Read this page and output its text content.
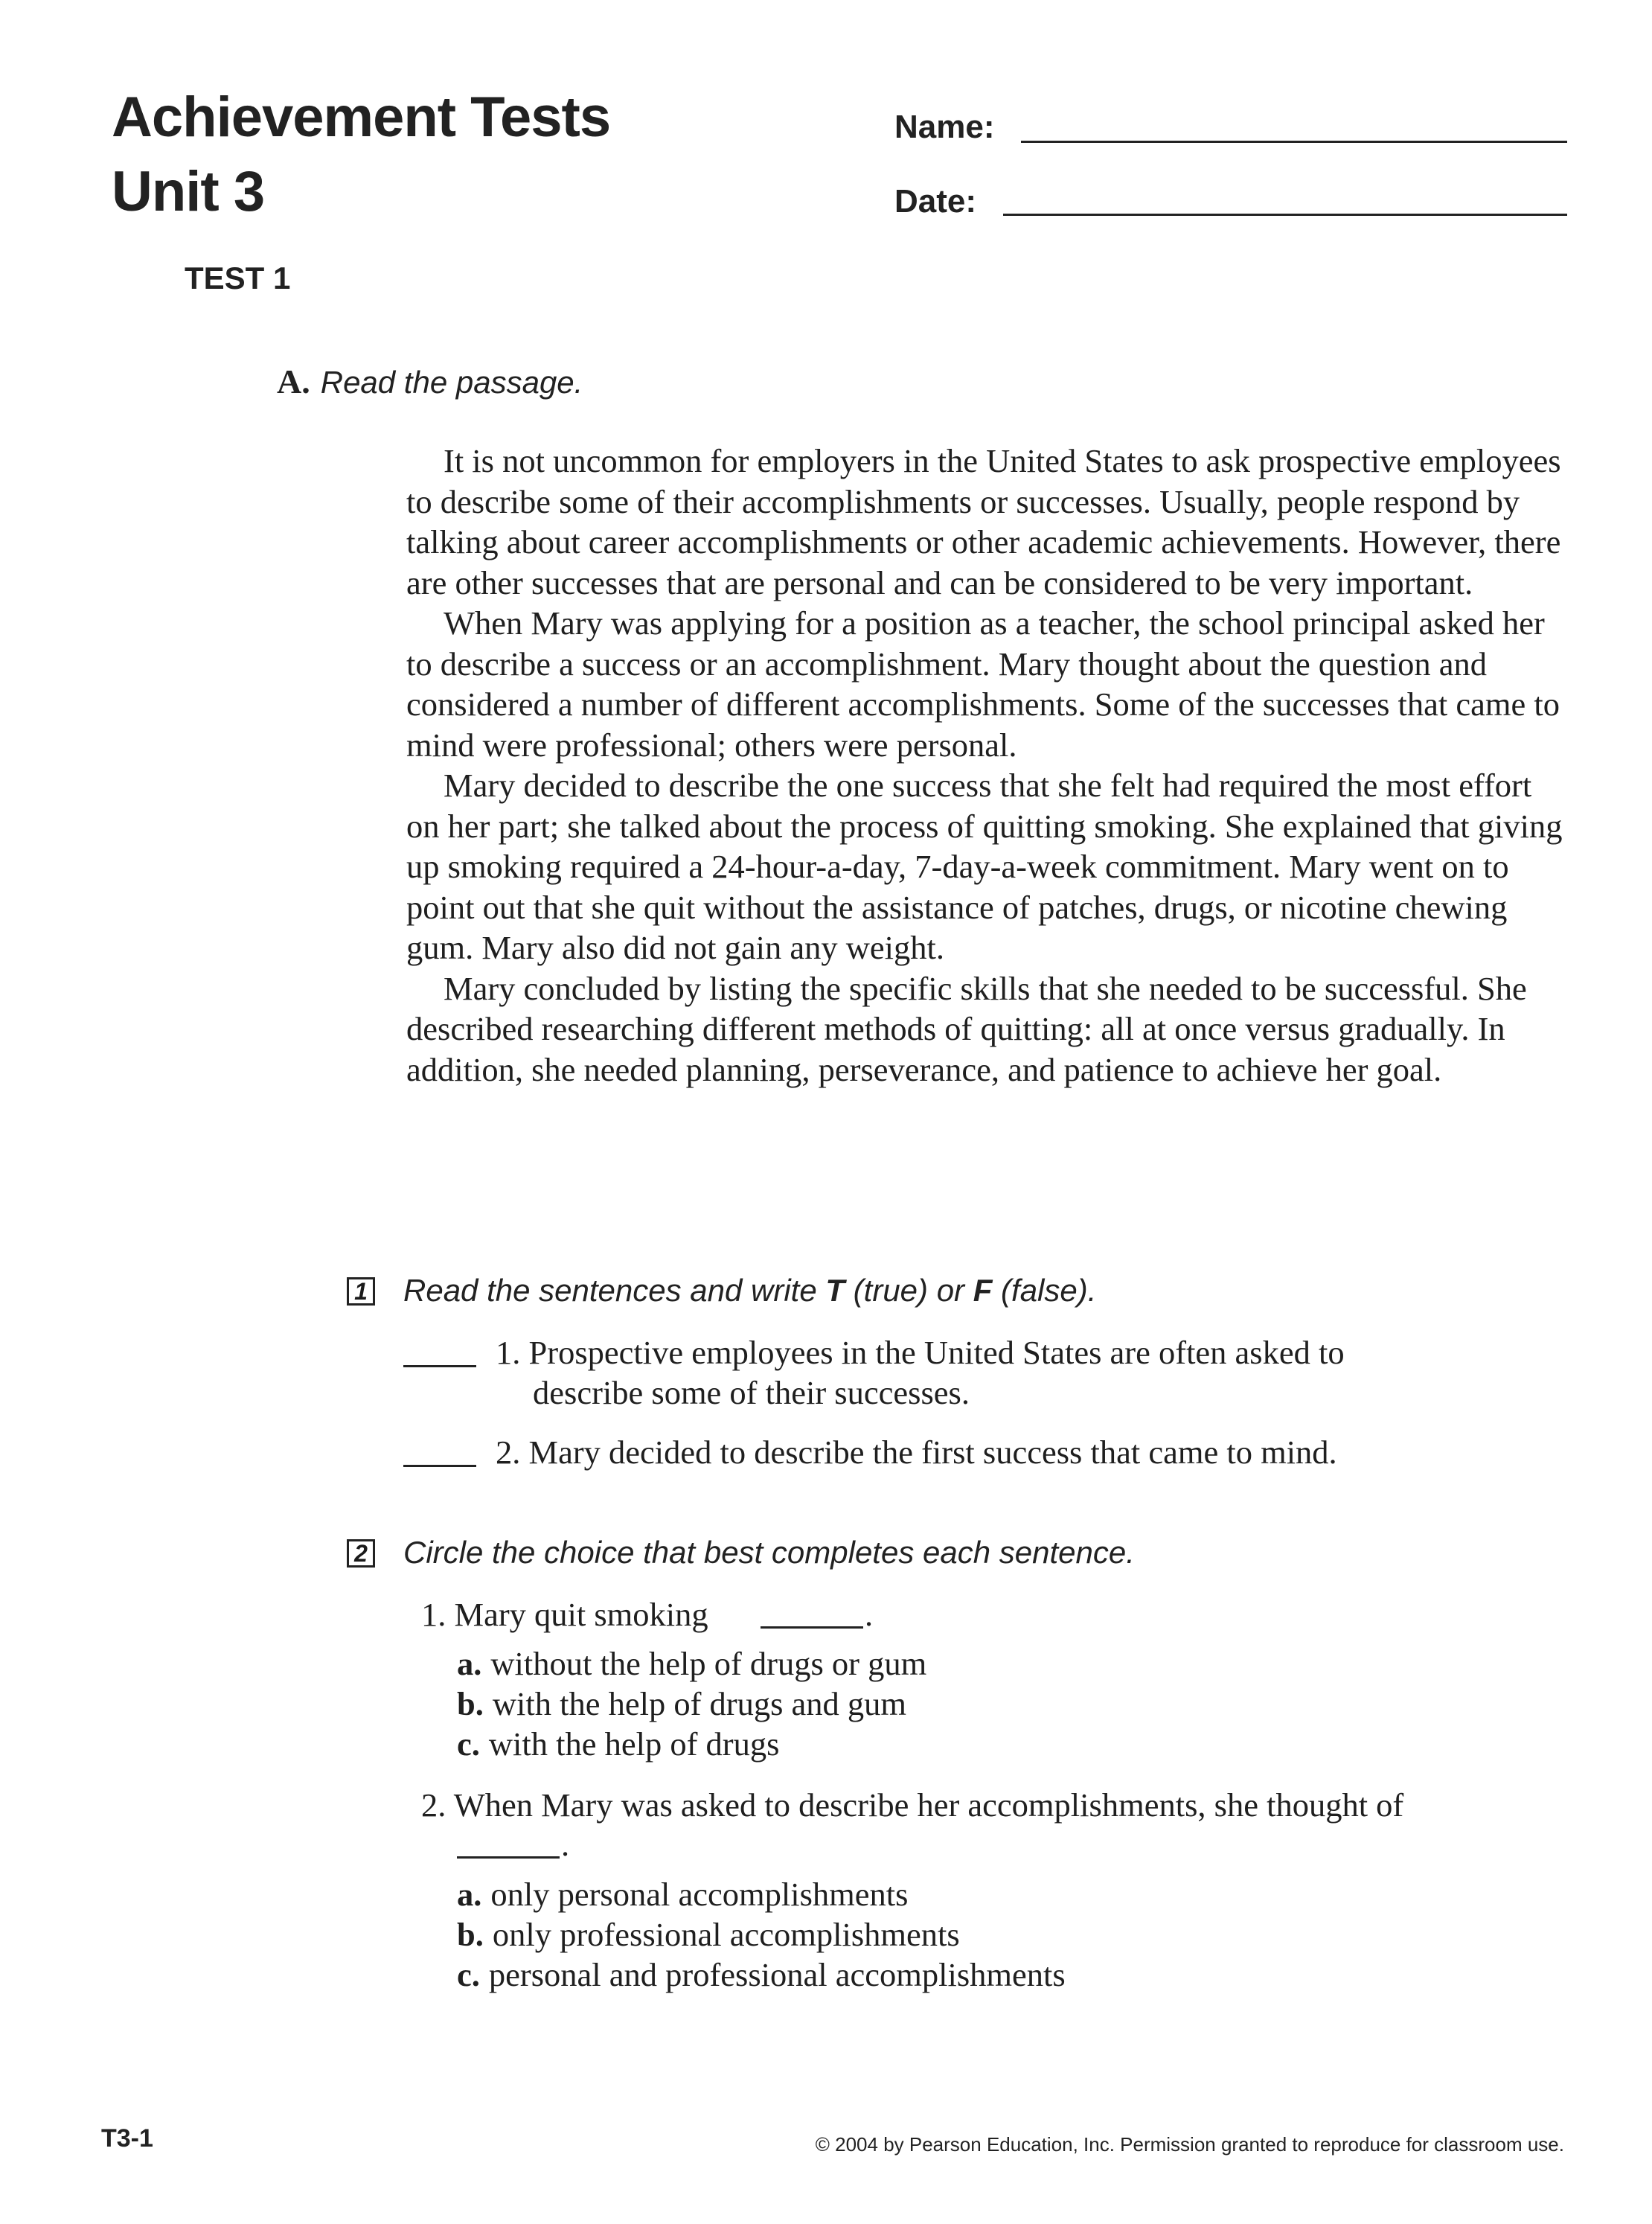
Achievement Tests
Unit 3
Name:
Date:
TEST 1
A. Read the passage.

It is not uncommon for employers in the United States to ask prospective employees to describe some of their accomplishments or successes. Usually, people respond by talking about career accomplishments or other academic achievements. However, there are other successes that are personal and can be considered to be very important.

When Mary was applying for a position as a teacher, the school principal asked her to describe a success or an accomplishment. Mary thought about the question and considered a number of different accomplishments. Some of the successes that came to mind were professional; others were personal.

Mary decided to describe the one success that she felt had required the most effort on her part; she talked about the process of quitting smoking. She explained that giving up smoking required a 24-hour-a-day, 7-day-a-week commitment. Mary went on to point out that she quit without the assistance of patches, drugs, or nicotine chewing gum. Mary also did not gain any weight.

Mary concluded by listing the specific skills that she needed to be successful. She described researching different methods of quitting: all at once versus gradually. In addition, she needed planning, perseverance, and patience to achieve her goal.

1 Read the sentences and write T (true) or F (false).
1. Prospective employees in the United States are often asked to
describe some of their successes.
2. Mary decided to describe the first success that came to mind.
2 Circle the choice that best completes each sentence.
1. Mary quit smoking	.
a. without the help of drugs or gum
b. with the help of drugs and gum
c. with the help of drugs
2. When Mary was asked to describe her accomplishments, she thought of
.
a. only personal accomplishments
b. only professional accomplishments
c. personal and professional accomplishments
T3-1	© 2004 by Pearson Education, Inc. Permission granted to reproduce for classroom use.
